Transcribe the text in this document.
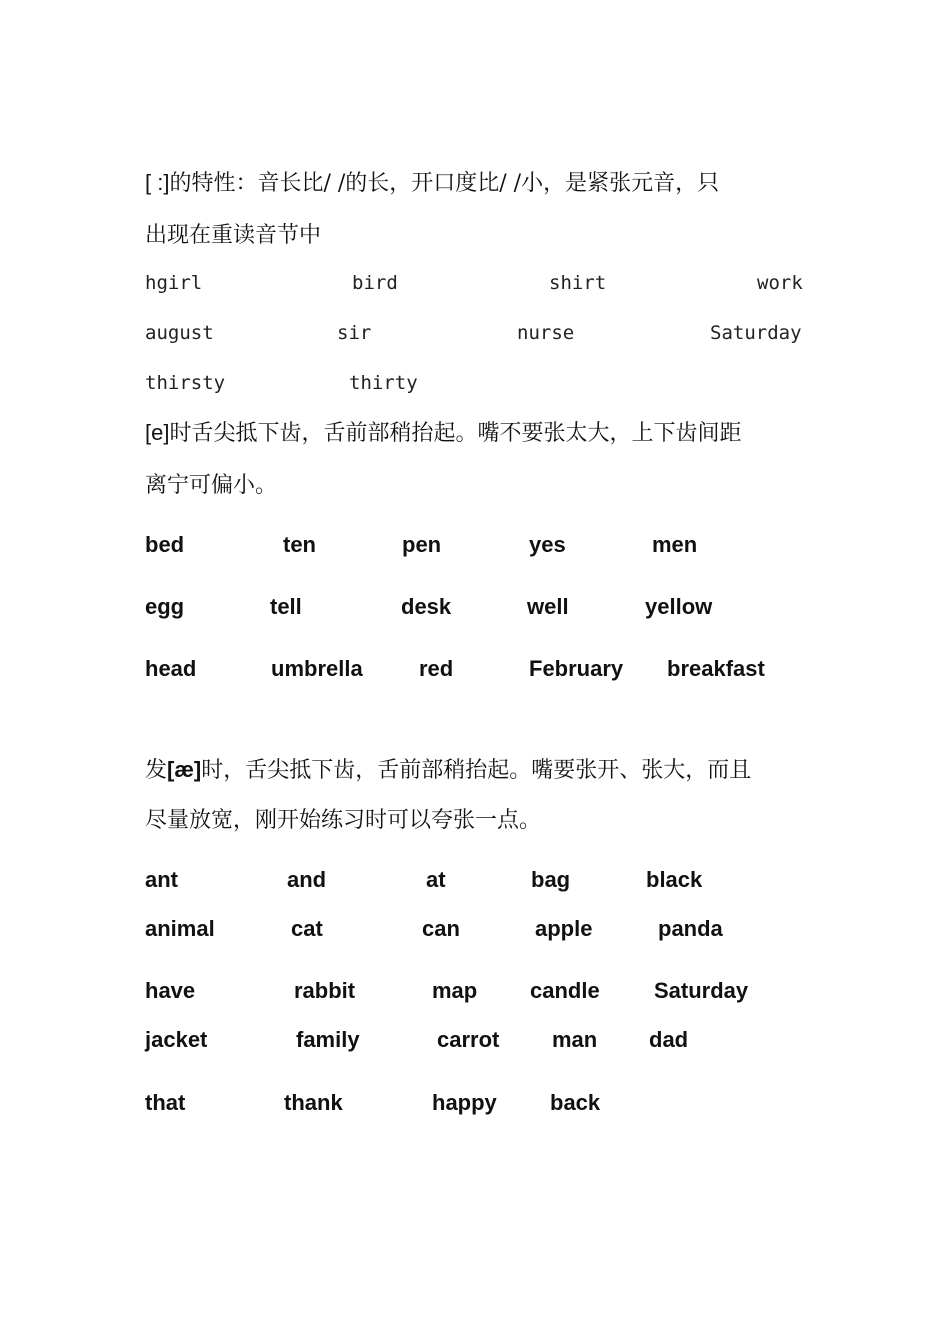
[ :]的特性：音长比/ /的长，开口度比/ /小，是紧张元音，只
出现在重读音节中
hgirl	bird	shirt	work
august	sir	nurse	Saturday
thirsty	thirty
[e]时舌尖抵下齿，舌前部稍抬起。嘴不要张太大，上下齿间距
离宁可偏小。
bed	ten	pen	yes	men
egg	tell	desk	well	yellow
head	umbrella	red	February breakfast
发[æ]时，舌尖抵下齿，舌前部稍抬起。嘴要张开、张大，而且
尽量放宽，刚开始练习时可以夸张一点。
ant	and	at	bag	black
animal	cat	can	apple	panda
have	rabbit	map candle Saturday
jacket	family	carrot man dad
that	thank	happy back
